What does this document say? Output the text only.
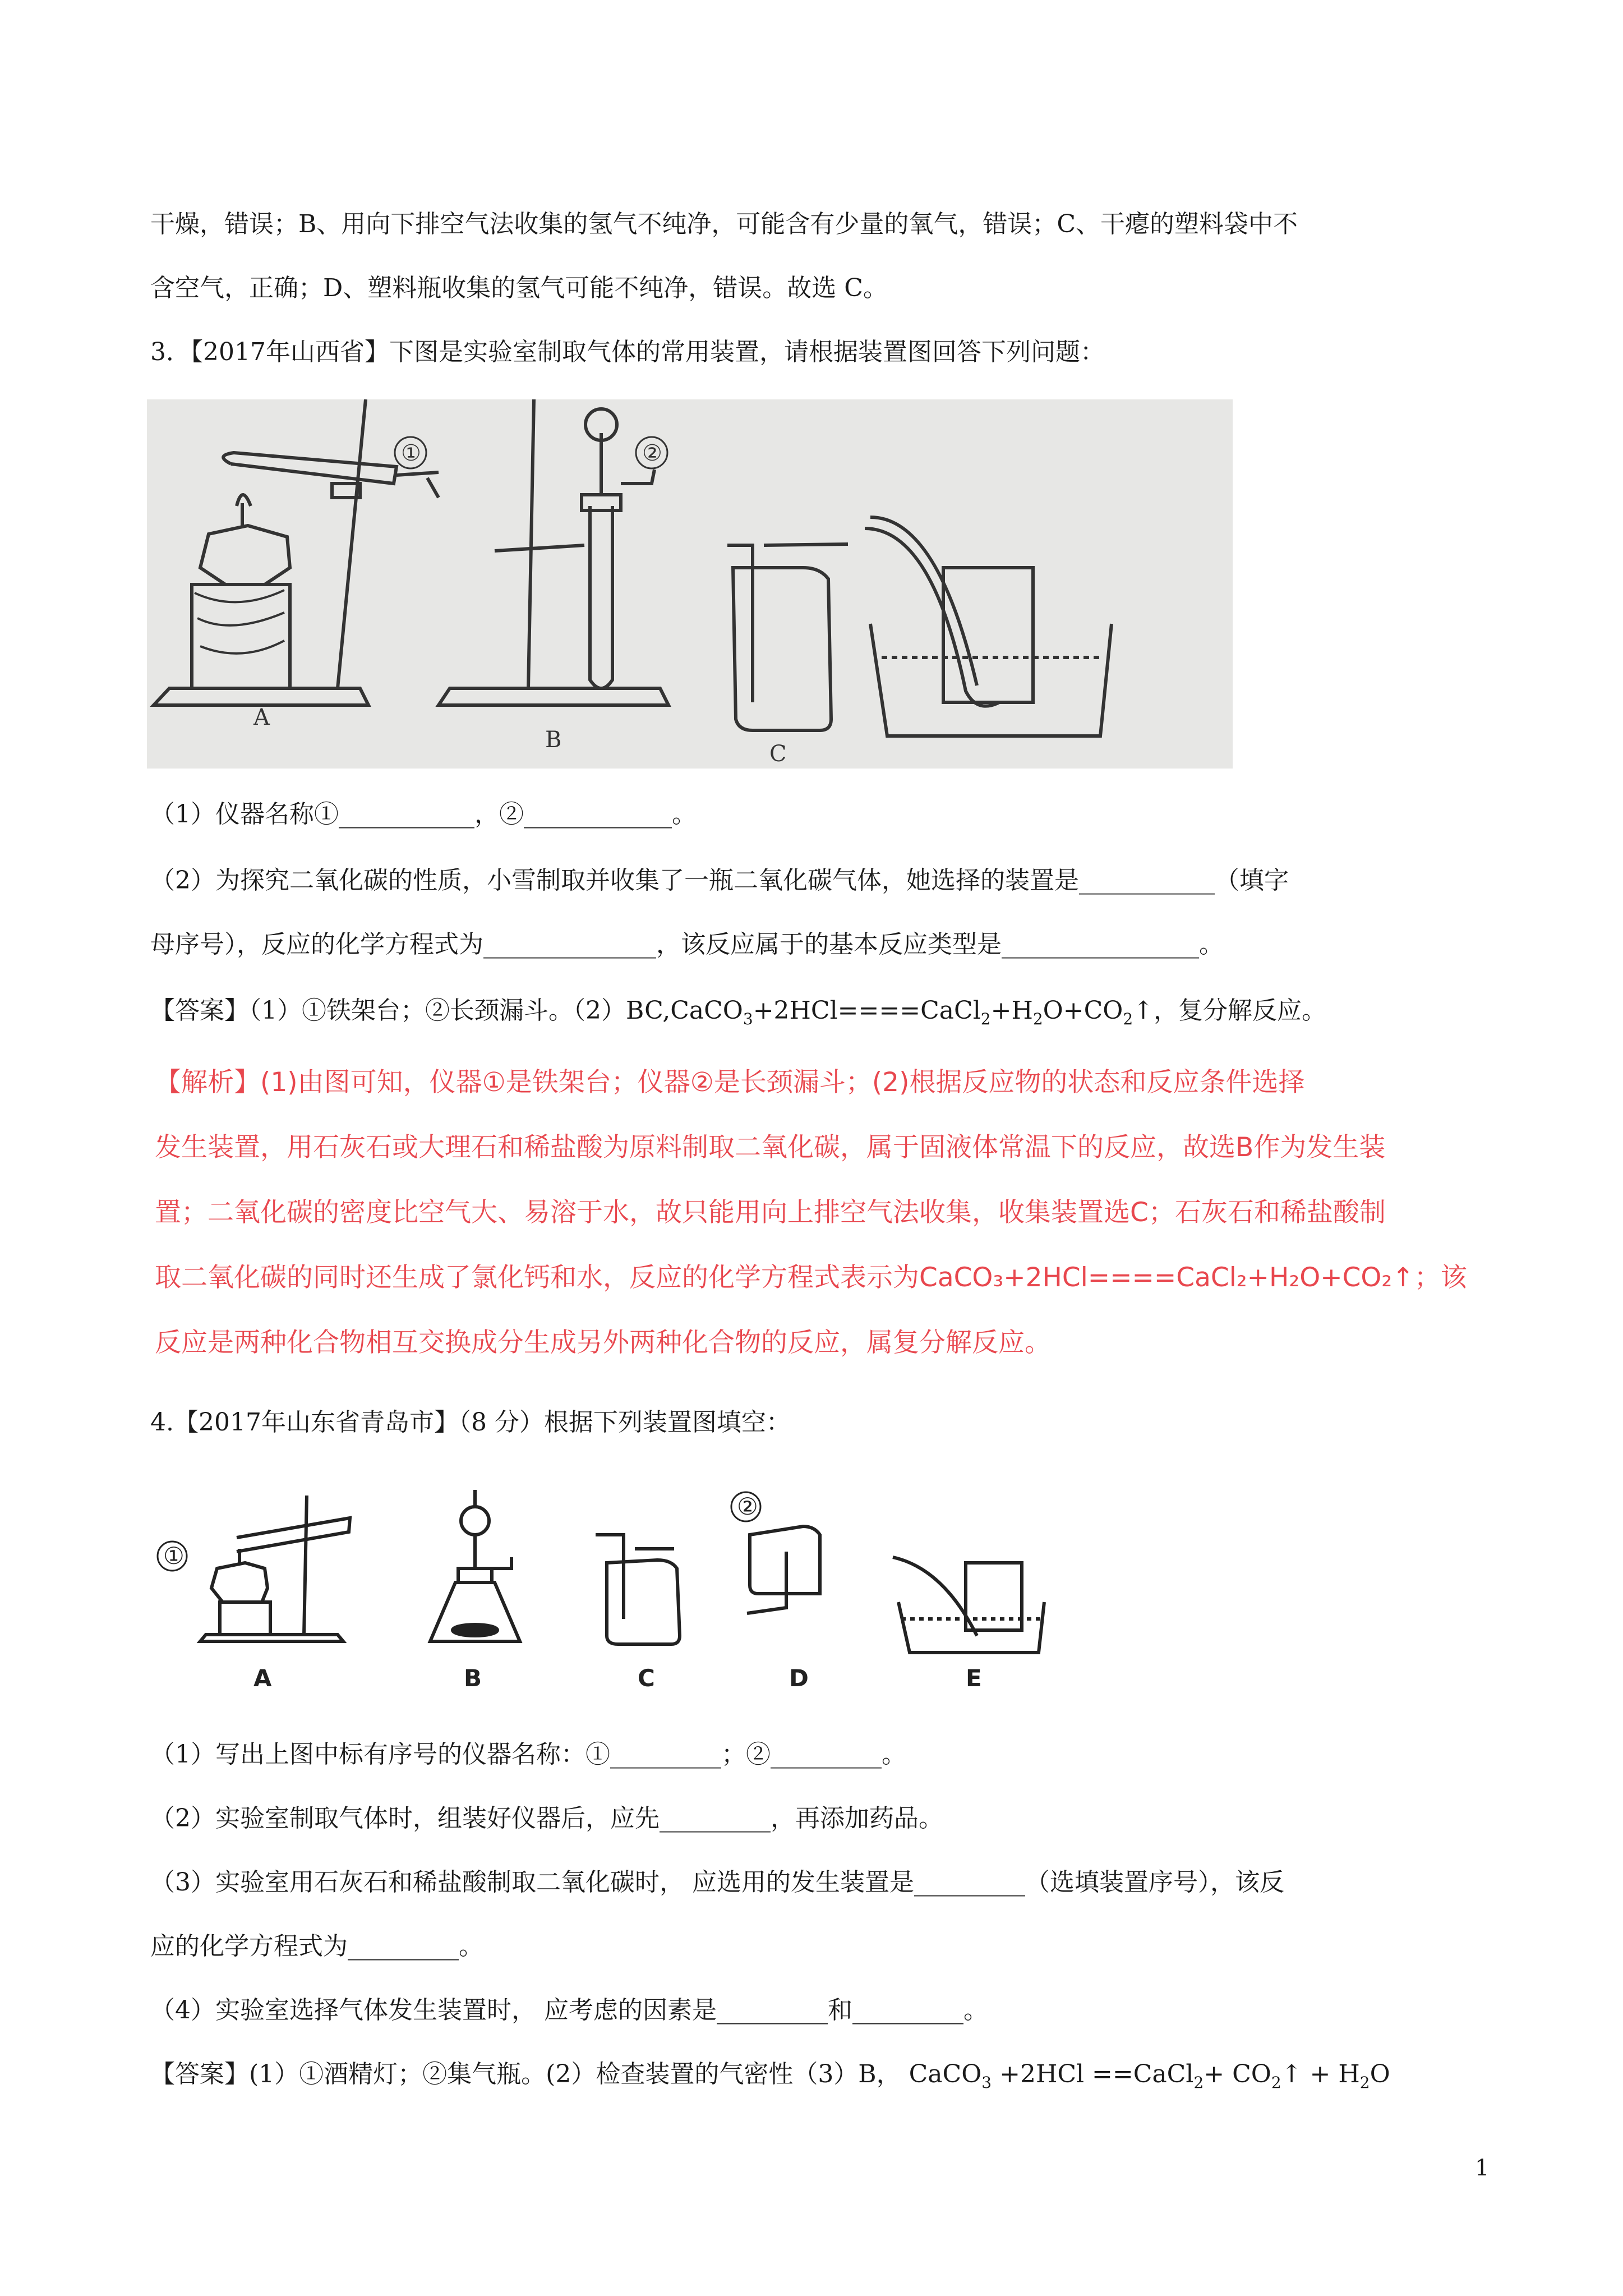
干燥，错误；B、用向下排空气法收集的氢气不纯净，可能含有少量的氧气，错误；C、干瘪的塑料袋中不
含空气，正确；D、塑料瓶收集的氢气可能不纯净，错误。故选 C。
3．【2017年山西省】下图是实验室制取气体的常用装置，请根据装置图回答下列问题：
①	②
A
B
C
（1）仪器名称①___________，②____________。
（2）为探究二氧化碳的性质，小雪制取并收集了一瓶二氧化碳气体，她选择的装置是___________（填字
母序号），反应的化学方程式为______________，该反应属于的基本反应类型是________________。
【答案】（1）①铁架台；②长颈漏斗。$(2)BC,CaCO_3+2HCl====CaCl_2+H_2O+CO_2↑$，复分解反应。
【解析】(1)由图可知，仪器①是铁架台；仪器②是长颈漏斗；(2)根据反应物的状态和反应条件选择
发生装置，用石灰石或大理石和稀盐酸为原料制取二氧化碳，属于固液体常温下的反应，故选B作为发生装
置；二氧化碳的密度比空气大、易溶于水，故只能用向上排空气法收集，收集装置选C；石灰石和稀盐酸制
取二氧化碳的同时还生成了氯化钙和水，反应的化学方程式表示为CaCO₃+2HCl====CaCl₂+H₂O+CO₂↑；该
反应是两种化合物相互交换成分生成另外两种化合物的反应，属复分解反应。
4.【2017年山东省青岛市】（8 分）根据下列装置图填空：
①
②
A	B	C	D	E
（1）写出上图中标有序号的仪器名称：①_________；②_________。
（2）实验室制取气体时，组装好仪器后，应先_________，再添加药品。
（3）实验室用石灰石和稀盐酸制取二氧化碳时， 应选用的发生装置是_________（选填装置序号），该反
应的化学方程式为_________。
（4）实验室选择气体发生装置时， 应考虑的因素是_________和_________。
【答案】(1）①酒精灯；②集气瓶。(2）检查装置的气密性（3）B， CaCO$_3$ +2HCl ==CaCl$_2$+ $CO_2↑ + H_2O$
1
